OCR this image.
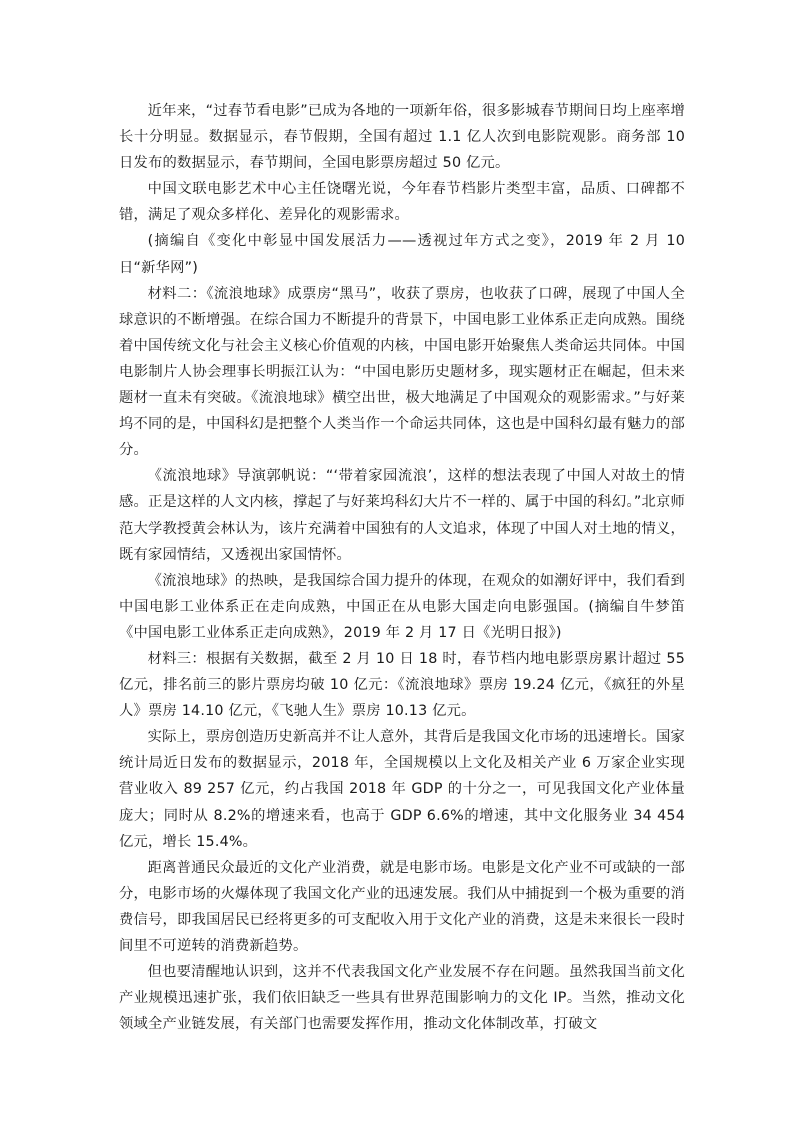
近年来，“过春节看电影”已成为各地的一项新年俗，很多影城春节期间日均上座率增长十分明显。数据显示，春节假期，全国有超过 1.1 亿人次到电影院观影。商务部 10 日发布的数据显示，春节期间，全国电影票房超过 50 亿元。

中国文联电影艺术中心主任饶曙光说，今年春节档影片类型丰富，品质、口碑都不错，满足了观众多样化、差异化的观影需求。

(摘编自《变化中彰显中国发展活力——透视过年方式之变》，2019 年 2 月 10 日“新华网”)

材料二：《流浪地球》成票房“黑马”，收获了票房，也收获了口碑，展现了中国人全球意识的不断增强。在综合国力不断提升的背景下，中国电影工业体系正走向成熟。围绕着中国传统文化与社会主义核心价值观的内核，中国电影开始聚焦人类命运共同体。中国电影制片人协会理事长明振江认为：“中国电影历史题材多，现实题材正在崛起，但未来题材一直未有突破。《流浪地球》横空出世，极大地满足了中国观众的观影需求。”与好莱坞不同的是，中国科幻是把整个人类当作一个命运共同体，这也是中国科幻最有魅力的部分。

《流浪地球》导演郭帆说：“‘带着家园流浪’，这样的想法表现了中国人对故土的情感。正是这样的人文内核，撑起了与好莱坞科幻大片不一样的、属于中国的科幻。”北京师范大学教授黄会林认为，该片充满着中国独有的人文追求，体现了中国人对土地的情义，既有家园情结，又透视出家国情怀。

《流浪地球》的热映，是我国综合国力提升的体现，在观众的如潮好评中，我们看到中国电影工业体系正在走向成熟，中国正在从电影大国走向电影强国。(摘编自牛梦笛《中国电影工业体系正走向成熟》，2019 年 2 月 17 日《光明日报》)

材料三：根据有关数据，截至 2 月 10 日 18 时，春节档内地电影票房累计超过 55 亿元，排名前三的影片票房均破 10 亿元：《流浪地球》票房 19.24 亿元，《疯狂的外星人》票房 14.10 亿元，《飞驰人生》票房 10.13 亿元。

实际上，票房创造历史新高并不让人意外，其背后是我国文化市场的迅速增长。国家统计局近日发布的数据显示，2018 年，全国规模以上文化及相关产业 6 万家企业实现营业收入 89 257 亿元，约占我国 2018 年 GDP 的十分之一，可见我国文化产业体量庞大；同时从 8.2%的增速来看，也高于 GDP 6.6%的增速，其中文化服务业 34 454 亿元，增长 15.4%。

距离普通民众最近的文化产业消费，就是电影市场。电影是文化产业不可或缺的一部分，电影市场的火爆体现了我国文化产业的迅速发展。我们从中捕捉到一个极为重要的消费信号，即我国居民已经将更多的可支配收入用于文化产业的消费，这是未来很长一段时间里不可逆转的消费新趋势。

但也要清醒地认识到，这并不代表我国文化产业发展不存在问题。虽然我国当前文化产业规模迅速扩张，我们依旧缺乏一些具有世界范围影响力的文化 IP。当然，推动文化领域全产业链发展，有关部门也需要发挥作用，推动文化体制改革，打破文
